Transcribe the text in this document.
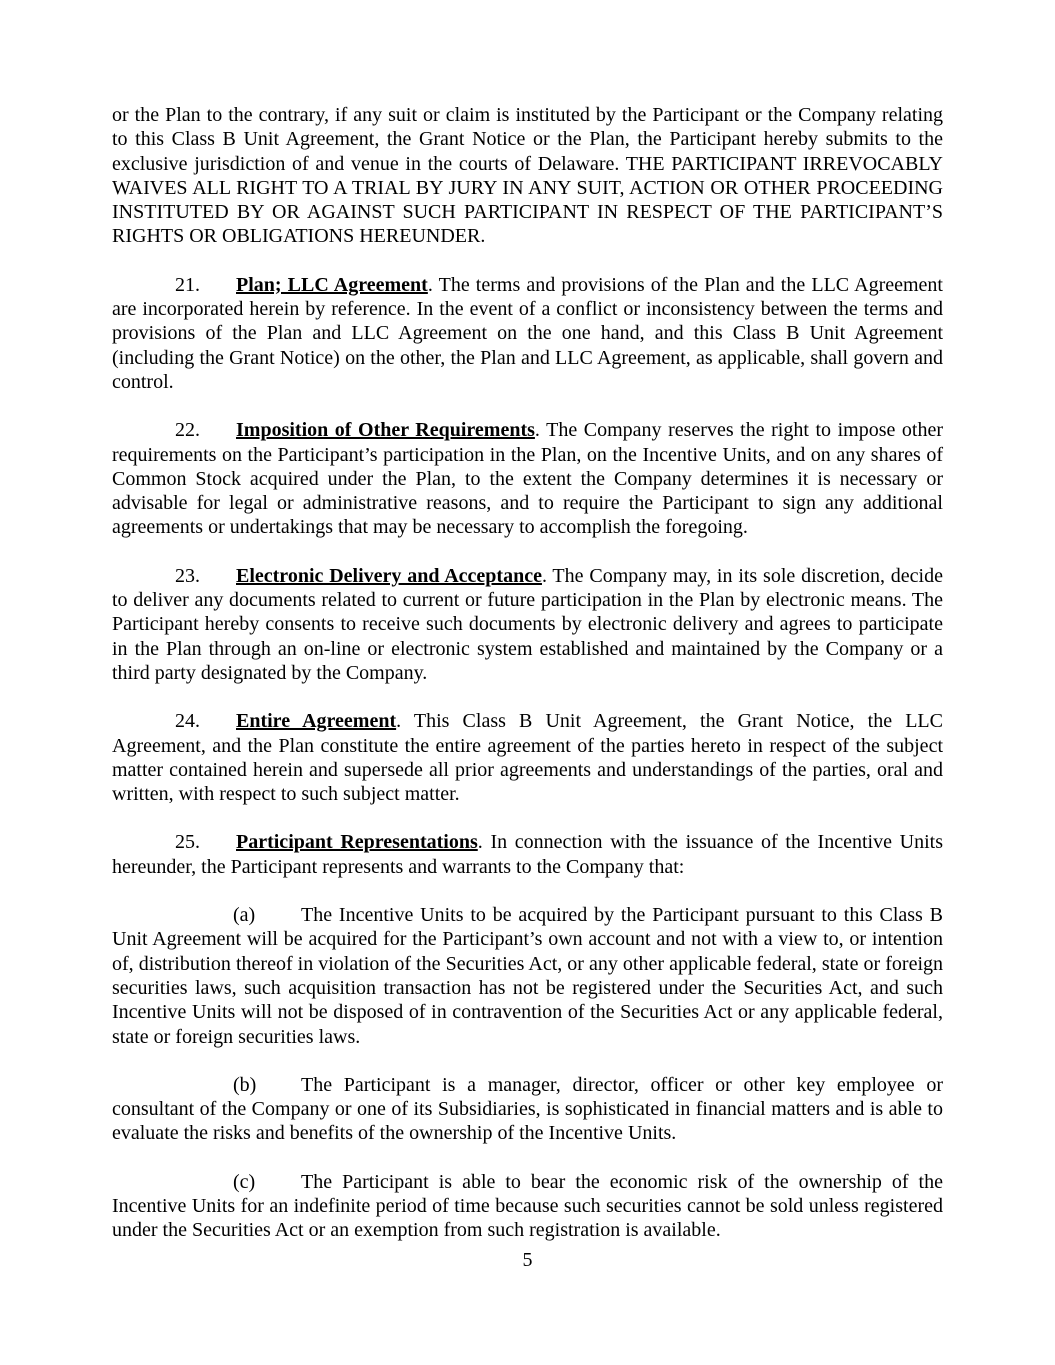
or the Plan to the contrary, if any suit or claim is instituted by the Participant or the Company relating to this Class B Unit Agreement, the Grant Notice or the Plan, the Participant hereby submits to the exclusive jurisdiction of and venue in the courts of Delaware. THE PARTICIPANT IRREVOCABLY WAIVES ALL RIGHT TO A TRIAL BY JURY IN ANY SUIT, ACTION OR OTHER PROCEEDING INSTITUTED BY OR AGAINST SUCH PARTICIPANT IN RESPECT OF THE PARTICIPANT’S RIGHTS OR OBLIGATIONS HEREUNDER.

21. Plan; LLC Agreement. The terms and provisions of the Plan and the LLC Agreement are incorporated herein by reference. In the event of a conflict or inconsistency between the terms and provisions of the Plan and LLC Agreement on the one hand, and this Class B Unit Agreement (including the Grant Notice) on the other, the Plan and LLC Agreement, as applicable, shall govern and control.

22. Imposition of Other Requirements. The Company reserves the right to impose other requirements on the Participant’s participation in the Plan, on the Incentive Units, and on any shares of Common Stock acquired under the Plan, to the extent the Company determines it is necessary or advisable for legal or administrative reasons, and to require the Participant to sign any additional agreements or undertakings that may be necessary to accomplish the foregoing.

23. Electronic Delivery and Acceptance. The Company may, in its sole discretion, decide to deliver any documents related to current or future participation in the Plan by electronic means. The Participant hereby consents to receive such documents by electronic delivery and agrees to participate in the Plan through an on-line or electronic system established and maintained by the Company or a third party designated by the Company.

24. Entire Agreement. This Class B Unit Agreement, the Grant Notice, the LLC Agreement, and the Plan constitute the entire agreement of the parties hereto in respect of the subject matter contained herein and supersede all prior agreements and understandings of the parties, oral and written, with respect to such subject matter.

25. Participant Representations. In connection with the issuance of the Incentive Units hereunder, the Participant represents and warrants to the Company that:

(a) The Incentive Units to be acquired by the Participant pursuant to this Class B Unit Agreement will be acquired for the Participant’s own account and not with a view to, or intention of, distribution thereof in violation of the Securities Act, or any other applicable federal, state or foreign securities laws, such acquisition transaction has not be registered under the Securities Act, and such Incentive Units will not be disposed of in contravention of the Securities Act or any applicable federal, state or foreign securities laws.

(b) The Participant is a manager, director, officer or other key employee or consultant of the Company or one of its Subsidiaries, is sophisticated in financial matters and is able to evaluate the risks and benefits of the ownership of the Incentive Units.

(c) The Participant is able to bear the economic risk of the ownership of the Incentive Units for an indefinite period of time because such securities cannot be sold unless registered under the Securities Act or an exemption from such registration is available.

5
